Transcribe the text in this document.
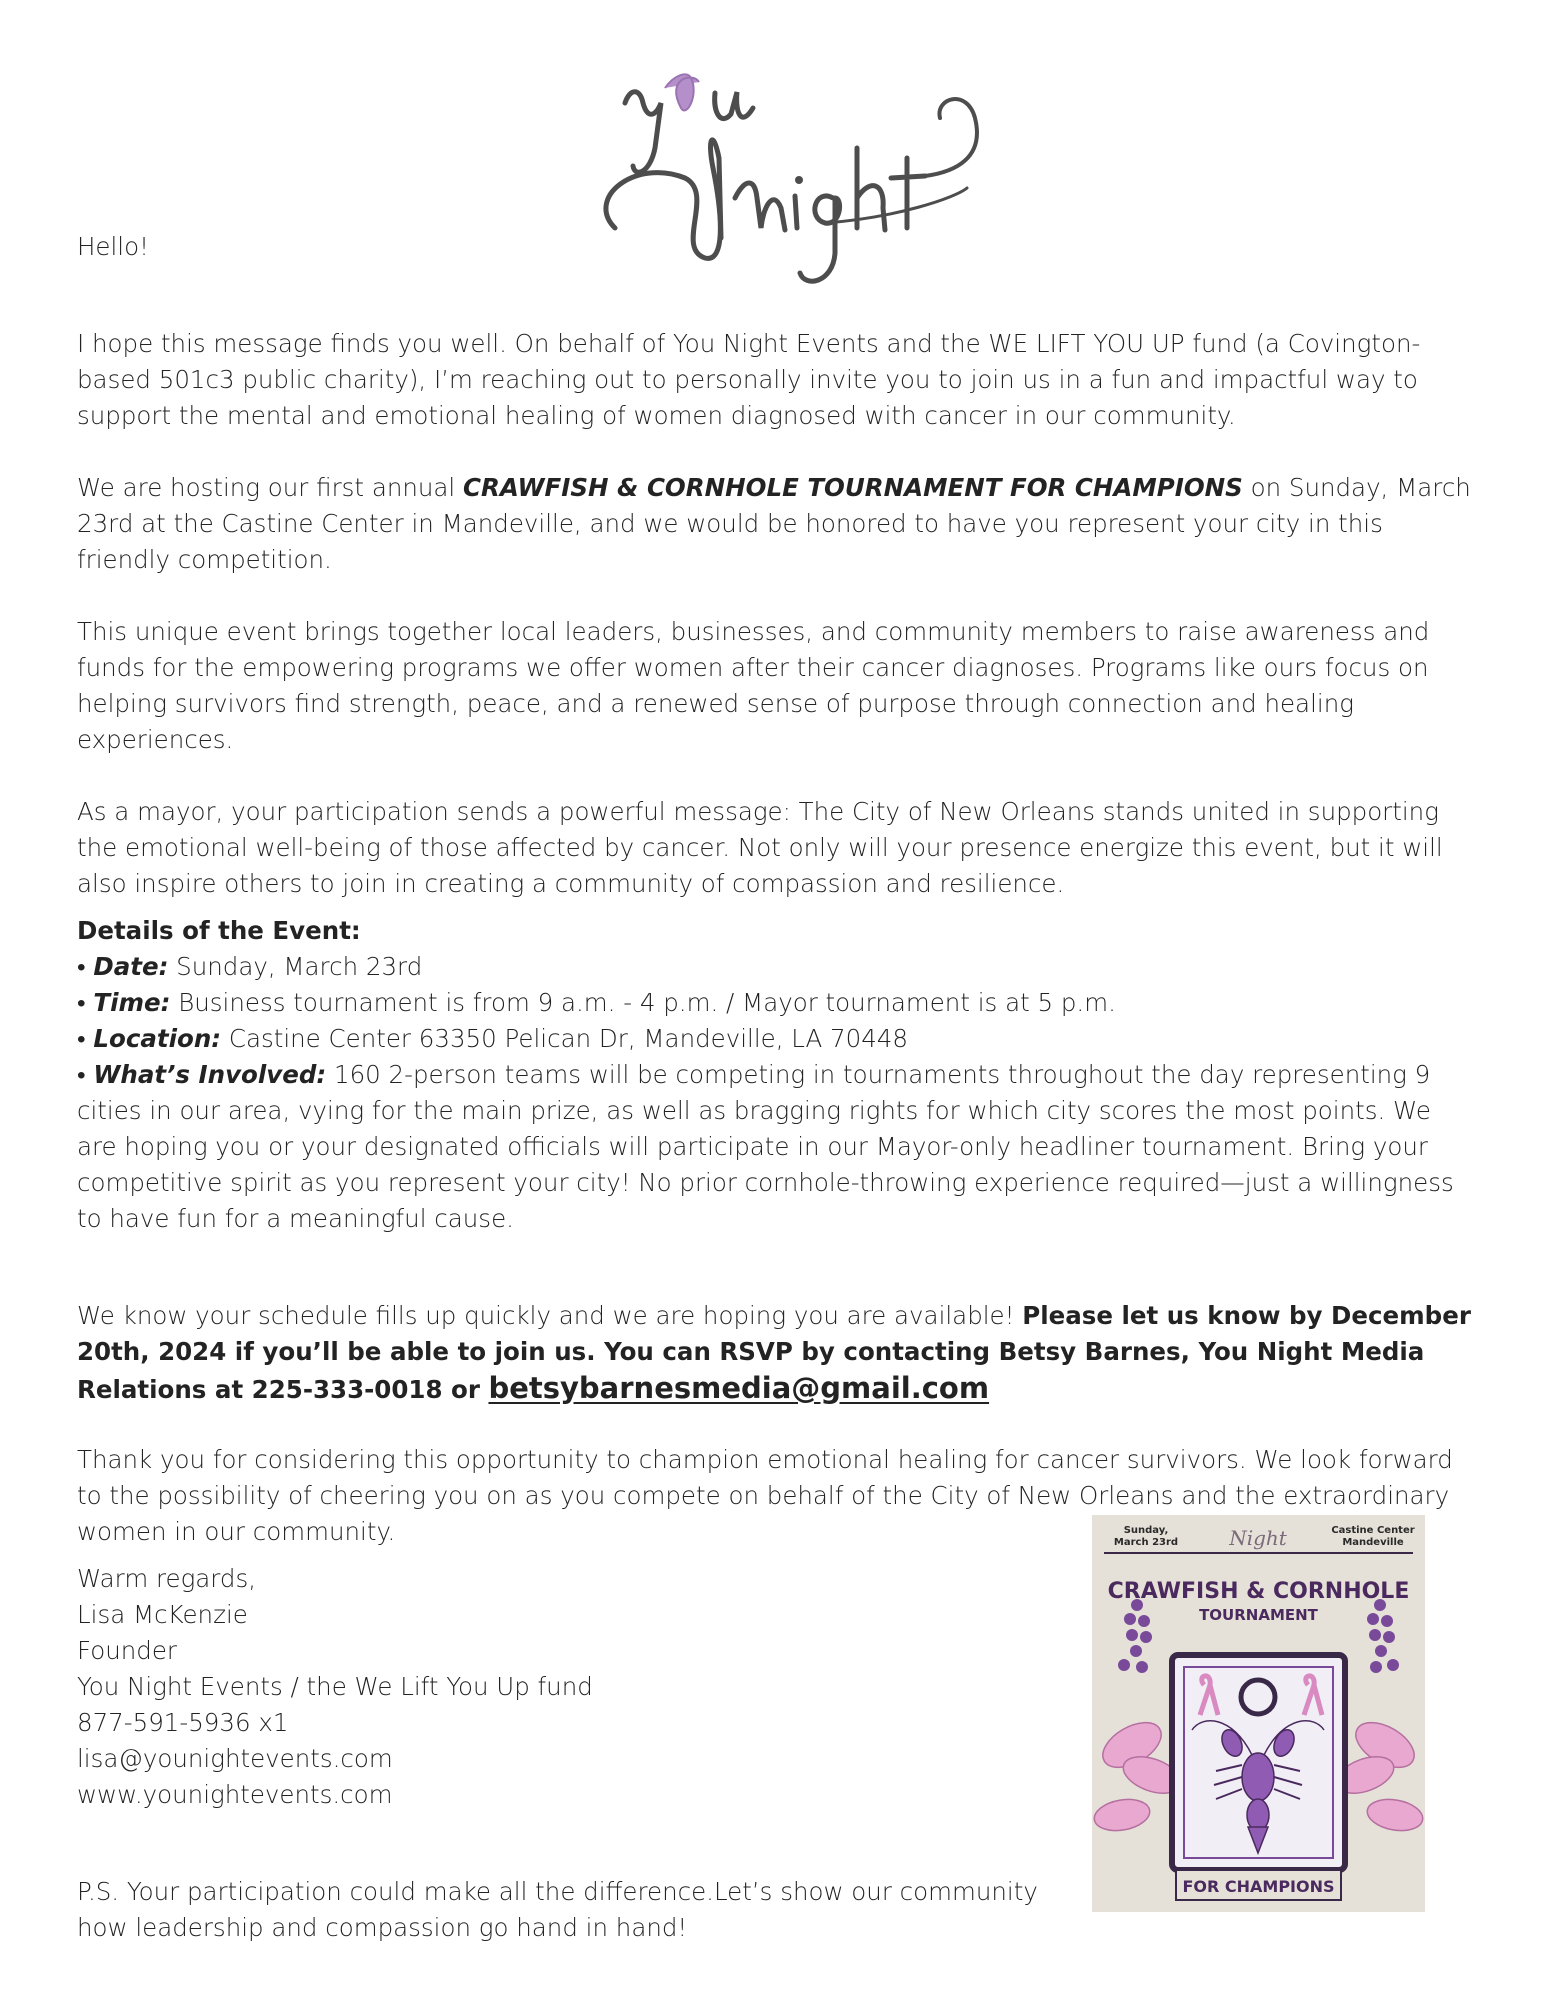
Hello!

I hope this message finds you well. On behalf of You Night Events and the WE LIFT YOU UP fund (a Covington-based 501c3 public charity), I’m reaching out to personally invite you to join us in a fun and impactful way to support the mental and emotional healing of women diagnosed with cancer in our community.

We are hosting our first annual CRAWFISH & CORNHOLE TOURNAMENT FOR CHAMPIONS on Sunday, March 23rd at the Castine Center in Mandeville, and we would be honored to have you represent your city in this friendly competition.

This unique event brings together local leaders, businesses, and community members to raise awareness and funds for the empowering programs we offer women after their cancer diagnoses. Programs like ours focus on helping survivors find strength, peace, and a renewed sense of purpose through connection and healing experiences.

As a mayor, your participation sends a powerful message: The City of New Orleans stands united in supporting the emotional well-being of those affected by cancer. Not only will your presence energize this event, but it will also inspire others to join in creating a community of compassion and resilience.

Details of the Event:
• Date: Sunday, March 23rd
• Time: Business tournament is from 9 a.m. - 4 p.m. / Mayor tournament is at 5 p.m.
• Location: Castine Center 63350 Pelican Dr, Mandeville, LA 70448
• What’s Involved: 160 2-person teams will be competing in tournaments throughout the day representing 9 cities in our area, vying for the main prize, as well as bragging rights for which city scores the most points. We are hoping you or your designated officials will participate in our Mayor-only headliner tournament. Bring your competitive spirit as you represent your city! No prior cornhole-throwing experience required—just a willingness to have fun for a meaningful cause.

We know your schedule fills up quickly and we are hoping you are available! Please let us know by December 20th, 2024 if you’ll be able to join us. You can RSVP by contacting Betsy Barnes, You Night Media Relations at 225-333-0018 or betsybarnesmedia@gmail.com

Thank you for considering this opportunity to champion emotional healing for cancer survivors. We look forward to the possibility of cheering you on as you compete on behalf of the City of New Orleans and the extraordinary women in our community.

Warm regards,
Lisa McKenzie
Founder
You Night Events / the We Lift You Up fund
877-591-5936 x1
lisa@younightevents.com
www.younightevents.com

P.S. Your participation could make all the difference.Let’s show our community how leadership and compassion go hand in hand!

Night
Sunday,
March 23rd
Castine Center
Mandeville
CRAWFISH & CORNHOLE
TOURNAMENT
FOR CHAMPIONS
